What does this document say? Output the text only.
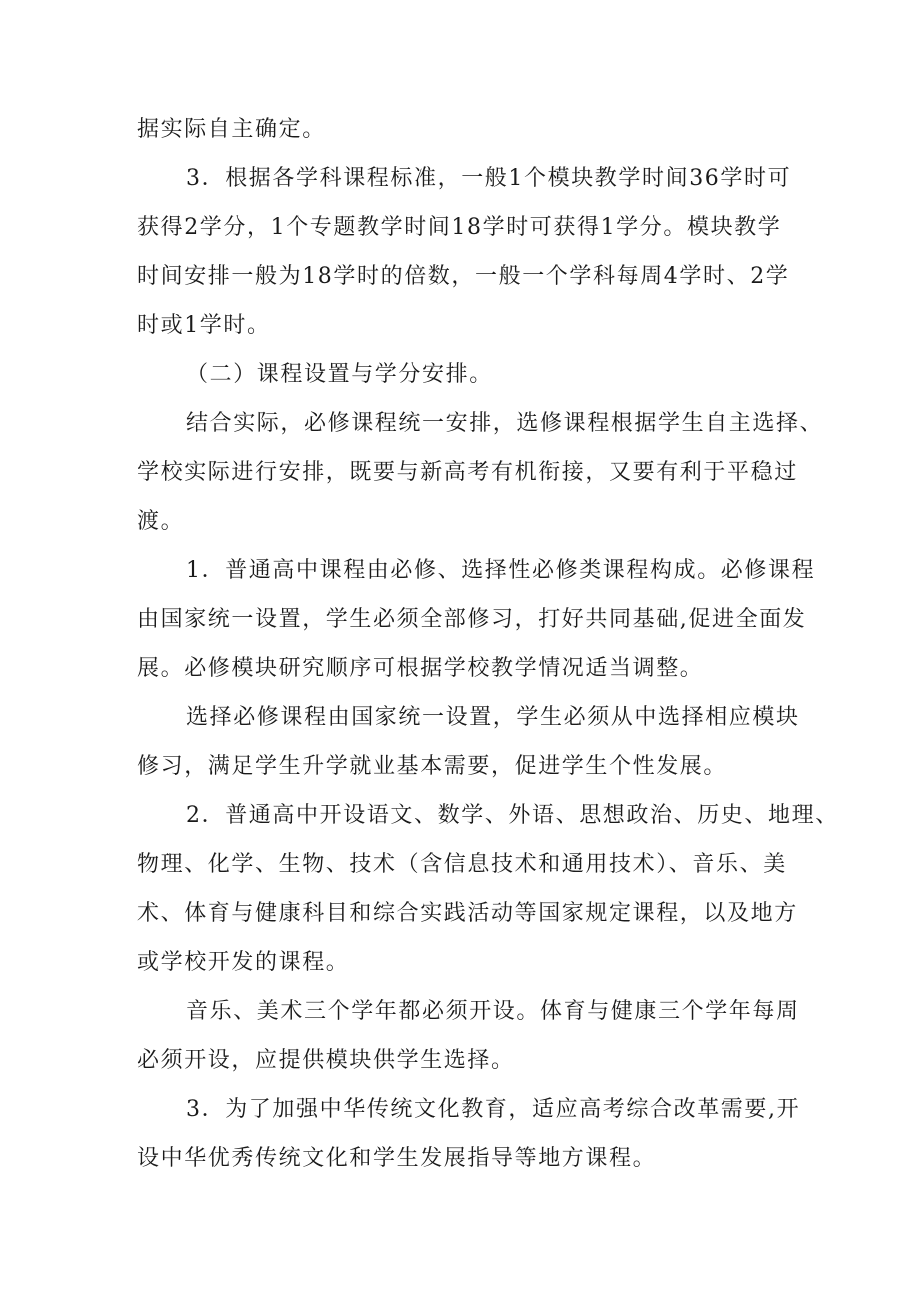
据实际自主确定。
3．根据各学科课程标准，一般1个模块教学时间36学时可
获得2学分，1个专题教学时间18学时可获得1学分。模块教学
时间安排一般为18学时的倍数，一般一个学科每周4学时、2学
时或1学时。
（二）课程设置与学分安排。
结合实际，必修课程统一安排，选修课程根据学生自主选择、
学校实际进行安排，既要与新高考有机衔接，又要有利于平稳过
渡。
1．普通高中课程由必修、选择性必修类课程构成。必修课程
由国家统一设置，学生必须全部修习，打好共同基础,促进全面发
展。必修模块研究顺序可根据学校教学情况适当调整。
选择必修课程由国家统一设置，学生必须从中选择相应模块
修习，满足学生升学就业基本需要，促进学生个性发展。
2．普通高中开设语文、数学、外语、思想政治、历史、地理、
物理、化学、生物、技术（含信息技术和通用技术）、音乐、美
术、体育与健康科目和综合实践活动等国家规定课程，以及地方
或学校开发的课程。
音乐、美术三个学年都必须开设。体育与健康三个学年每周
必须开设，应提供模块供学生选择。
3．为了加强中华传统文化教育，适应高考综合改革需要,开
设中华优秀传统文化和学生发展指导等地方课程。
